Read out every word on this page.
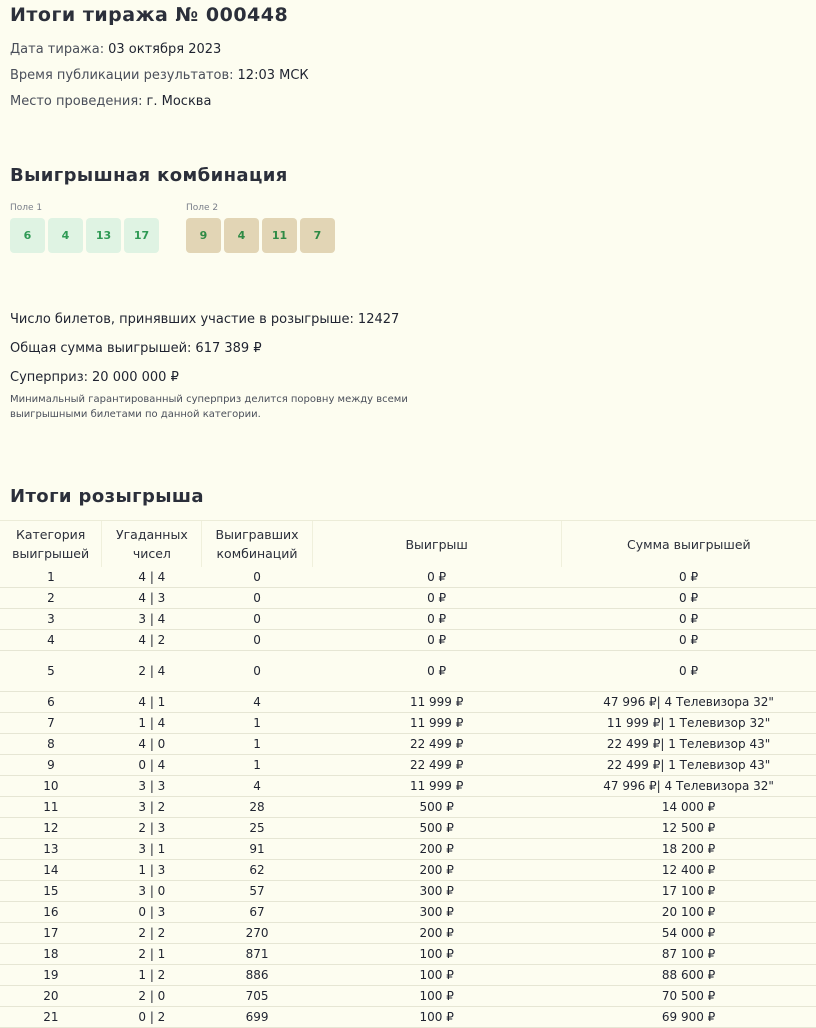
Итоги тиража № 000448
Дата тиража: 03 октября 2023
Время публикации результатов: 12:03 МСК
Место проведения: г. Москва
Выигрышная комбинация
Поле 1
6	4	13	17
Поле 2
9	4	11	7
Число билетов, принявших участие в розыгрыше: 12427
Общая сумма выигрышей: 617 389 ₽
Суперприз: 20 000 000 ₽
Минимальный гарантированный суперприз делится поровну между всеми выигрышными билетами по данной категории.
Итоги розыгрыша
Категория выигрышей	Угаданных чисел	Выигравших комбинаций	Выигрыш	Сумма выигрышей
1	4 | 4	0	0 ₽	0 ₽
2	4 | 3	0	0 ₽	0 ₽
3	3 | 4	0	0 ₽	0 ₽
4	4 | 2	0	0 ₽	0 ₽
5	2 | 4	0	0 ₽	0 ₽
6	4 | 1	4	11 999 ₽	47 996 ₽| 4 Телевизора 32"
7	1 | 4	1	11 999 ₽	11 999 ₽| 1 Телевизор 32"
8	4 | 0	1	22 499 ₽	22 499 ₽| 1 Телевизор 43"
9	0 | 4	1	22 499 ₽	22 499 ₽| 1 Телевизор 43"
10	3 | 3	4	11 999 ₽	47 996 ₽| 4 Телевизора 32"
11	3 | 2	28	500 ₽	14 000 ₽
12	2 | 3	25	500 ₽	12 500 ₽
13	3 | 1	91	200 ₽	18 200 ₽
14	1 | 3	62	200 ₽	12 400 ₽
15	3 | 0	57	300 ₽	17 100 ₽
16	0 | 3	67	300 ₽	20 100 ₽
17	2 | 2	270	200 ₽	54 000 ₽
18	2 | 1	871	100 ₽	87 100 ₽
19	1 | 2	886	100 ₽	88 600 ₽
20	2 | 0	705	100 ₽	70 500 ₽
21	0 | 2	699	100 ₽	69 900 ₽
